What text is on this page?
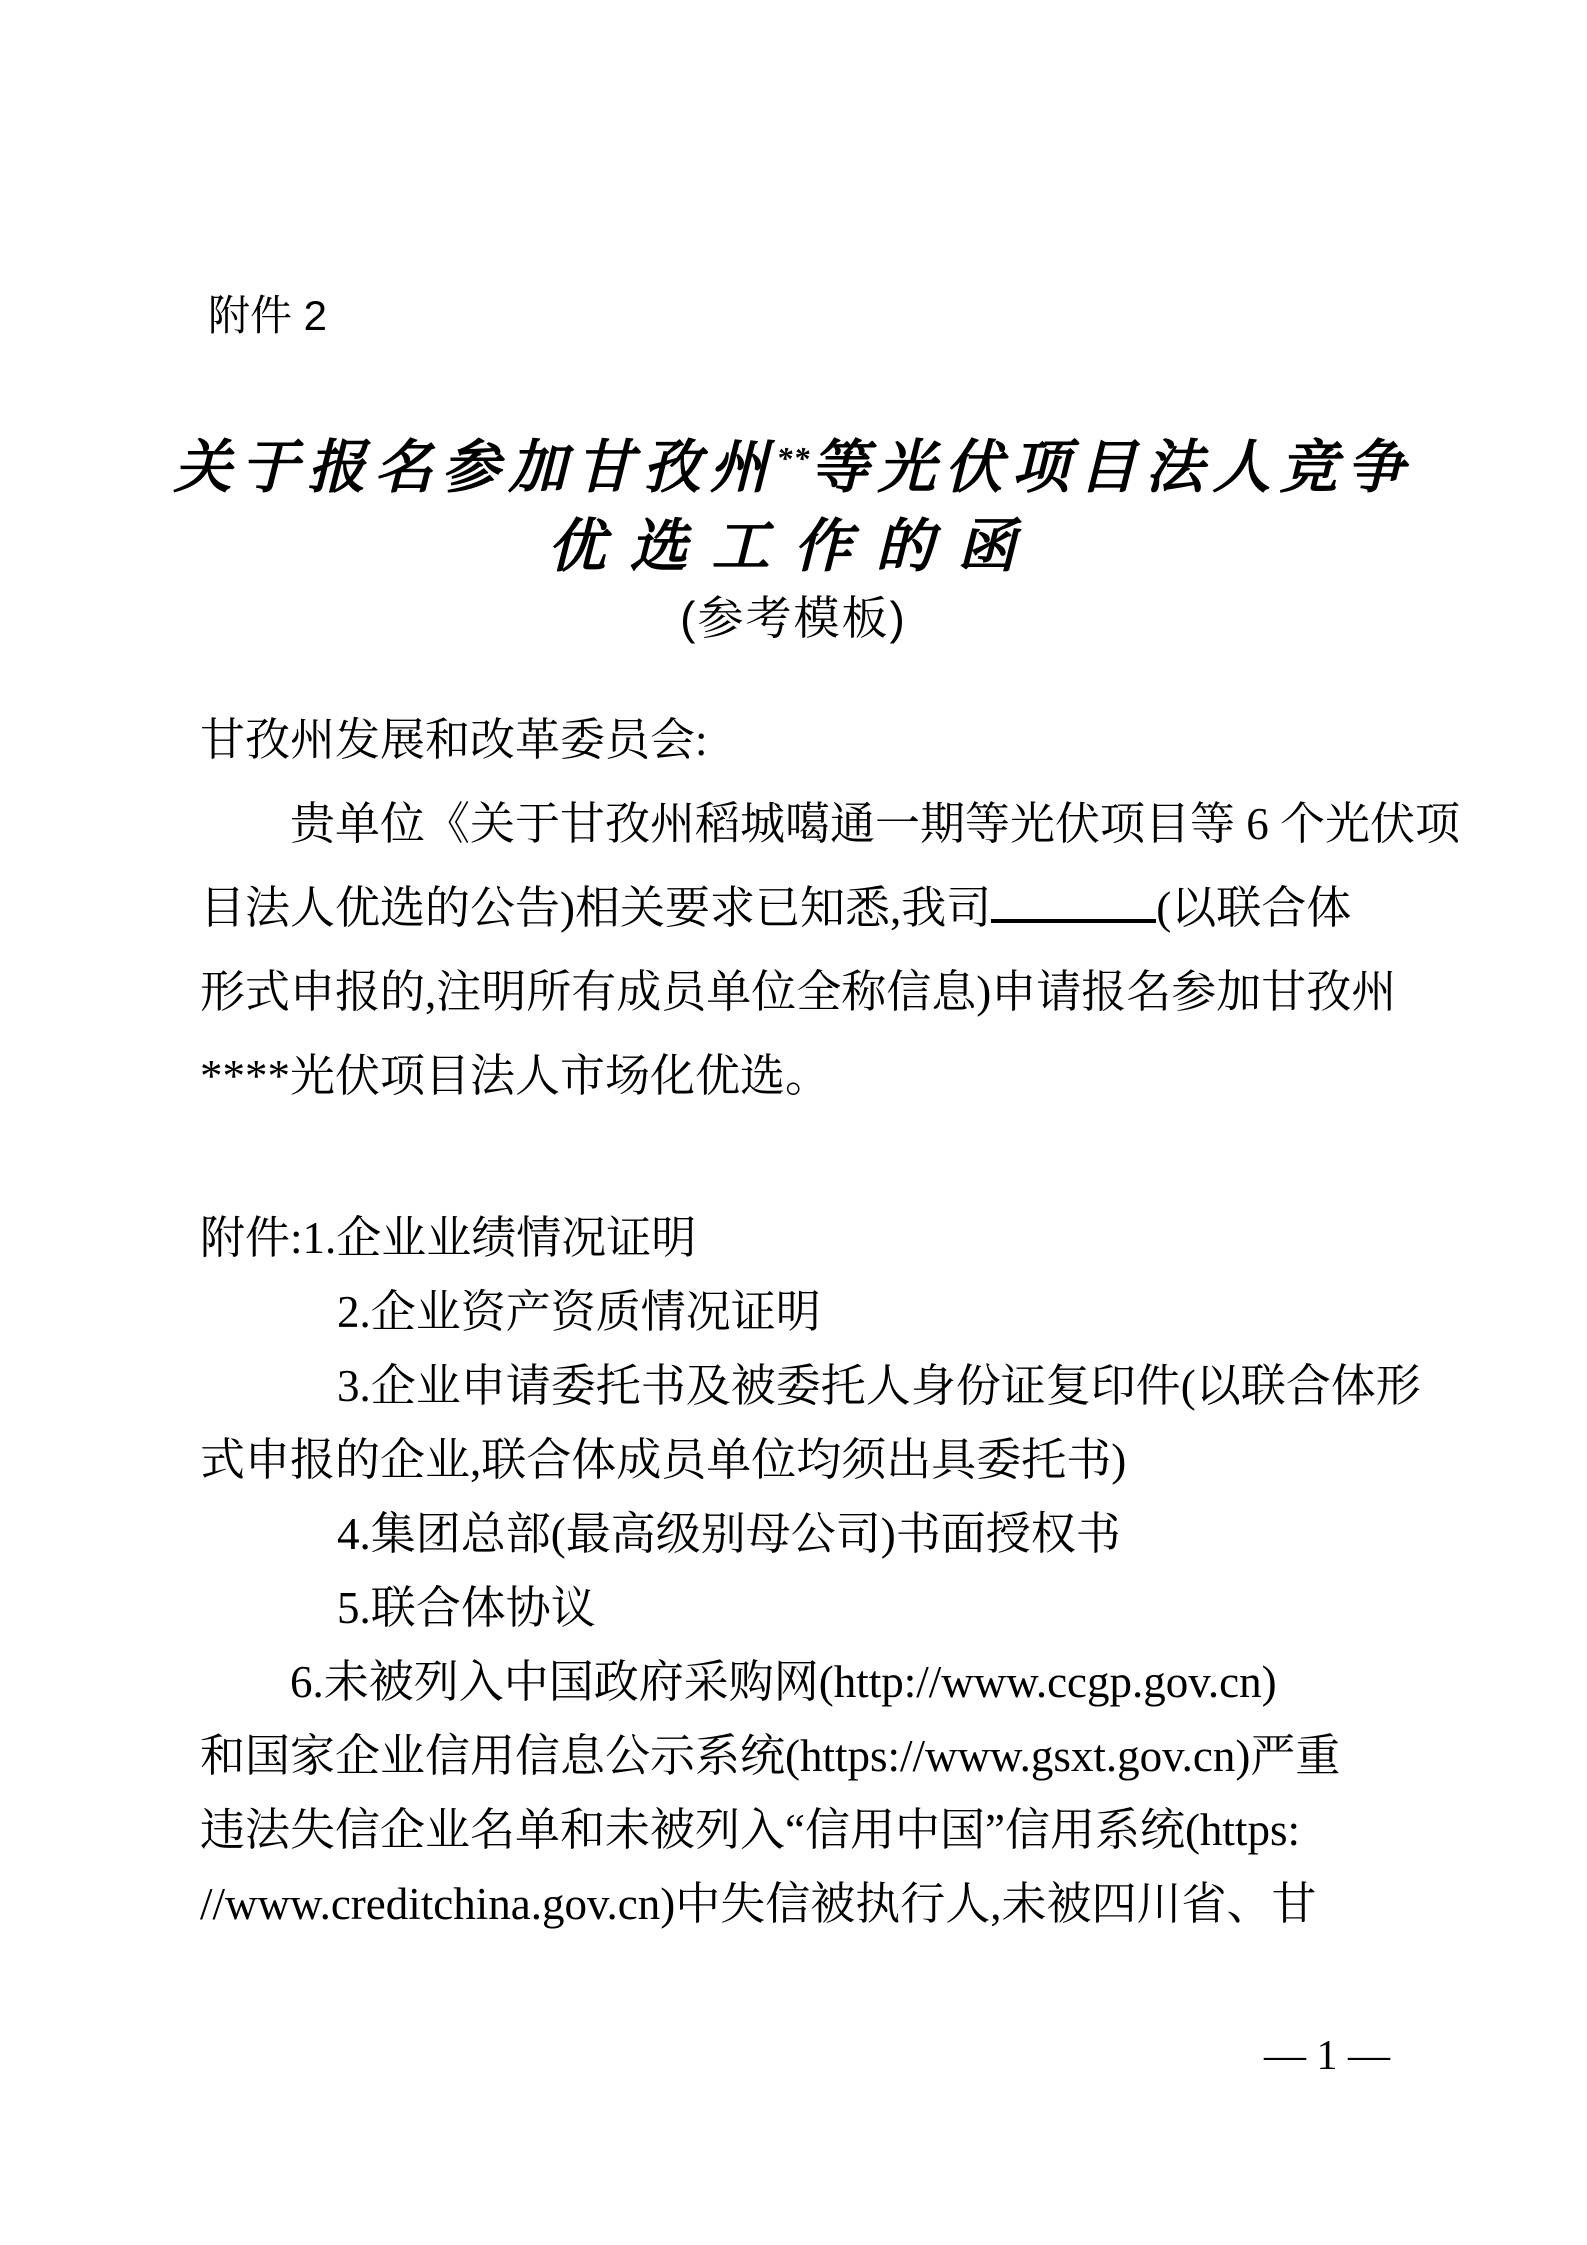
附件 2
关于报名参加甘孜州**等光伏项目法人竞争
优选工作的函
(参考模板)
甘孜州发展和改革委员会:
贵单位《关于甘孜州稻城噶通一期等光伏项目等 6 个光伏项
目法人优选的公告)相关要求已知悉,我司	(以联合体
形式申报的,注明所有成员单位全称信息)申请报名参加甘孜州
****光伏项目法人市场化优选。
附件:1.企业业绩情况证明
2.企业资产资质情况证明
3.企业申请委托书及被委托人身份证复印件(以联合体形
式申报的企业,联合体成员单位均须出具委托书)
4.集团总部(最高级别母公司)书面授权书
5.联合体协议
6.未被列入中国政府采购网(http://www.ccgp.gov.cn)
和国家企业信用信息公示系统(https://www.gsxt.gov.cn)严重
违法失信企业名单和未被列入“信用中国”信用系统(https:
//www.creditchina.gov.cn)中失信被执行人,未被四川省、甘
— 1 —
